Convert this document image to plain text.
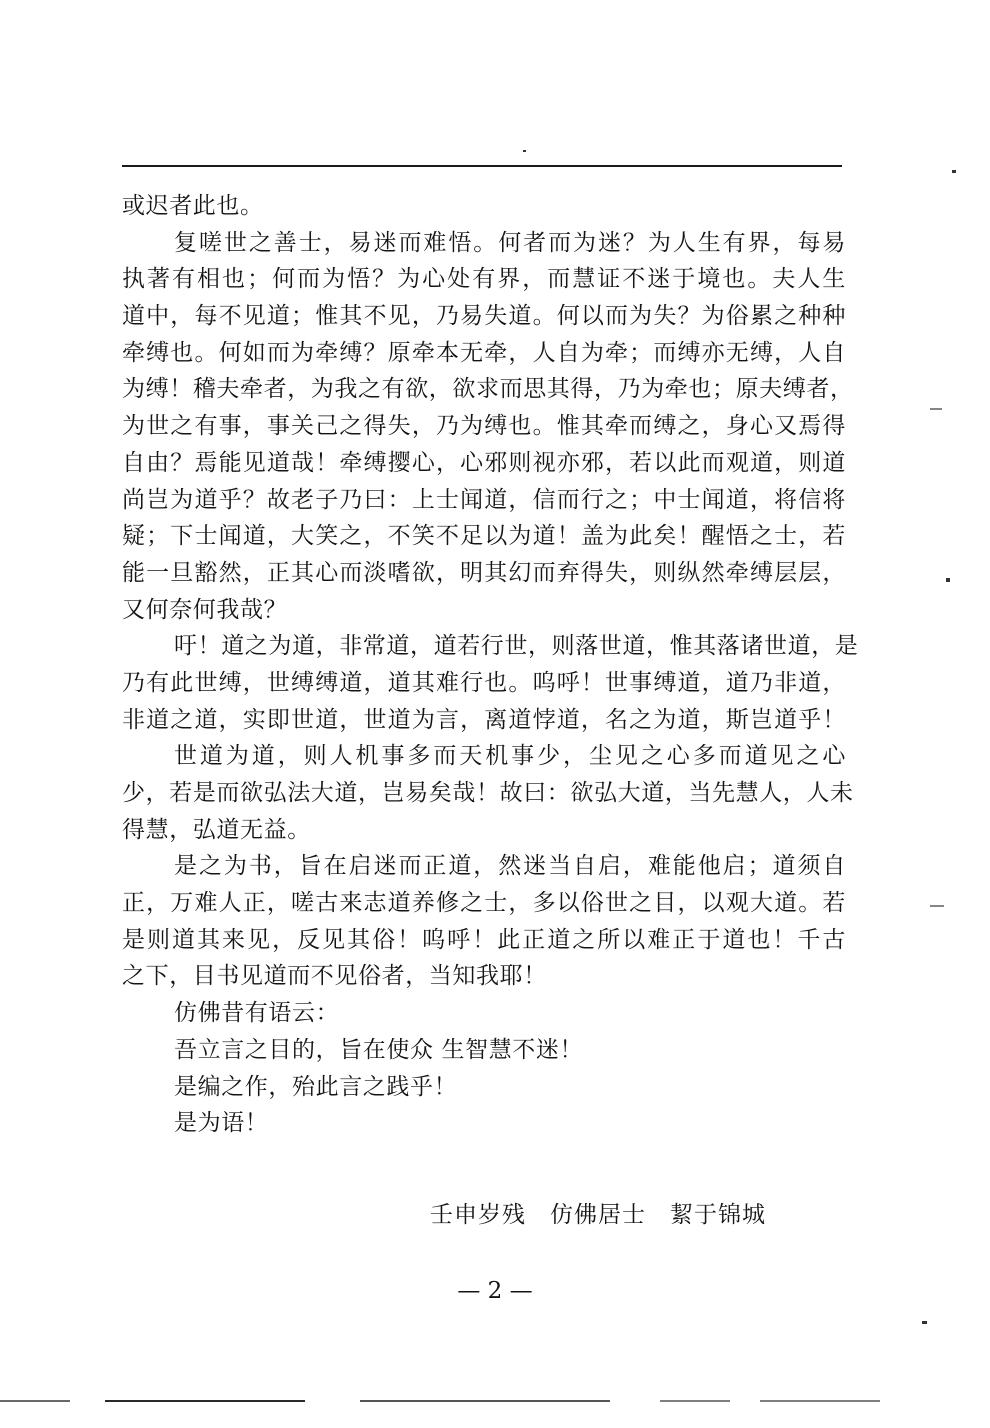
或迟者此也。
复嗟世之善士，易迷而难悟。何者而为迷？为人生有界，每易
执著有相也；何而为悟？为心处有界，而慧证不迷于境也。夫人生
道中，每不见道；惟其不见，乃易失道。何以而为失？为俗累之种种
牵缚也。何如而为牵缚？原牵本无牵，人自为牵；而缚亦无缚，人自
为缚！稽夫牵者，为我之有欲，欲求而思其得，乃为牵也；原夫缚者，
为世之有事，事关己之得失，乃为缚也。惟其牵而缚之，身心又焉得
自由？焉能见道哉！牵缚撄心，心邪则视亦邪，若以此而观道，则道
尚岂为道乎？故老子乃曰：上士闻道，信而行之；中士闻道，将信将
疑；下士闻道，大笑之，不笑不足以为道！盖为此矣！醒悟之士，若
能一旦豁然，正其心而淡嗜欲，明其幻而弃得失，则纵然牵缚层层，
又何奈何我哉？
吁！道之为道，非常道，道若行世，则落世道，惟其落诸世道，是
乃有此世缚，世缚缚道，道其难行也。呜呼！世事缚道，道乃非道，
非道之道，实即世道，世道为言，离道悖道，名之为道，斯岂道乎！
世道为道，则人机事多而天机事少，尘见之心多而道见之心
少，若是而欲弘法大道，岂易矣哉！故曰：欲弘大道，当先慧人，人未
得慧，弘道无益。
是之为书，旨在启迷而正道，然迷当自启，难能他启；道须自
正，万难人正，嗟古来志道养修之士，多以俗世之目，以观大道。若
是则道其来见，反见其俗！呜呼！此正道之所以难正于道也！千古
之下，目书见道而不见俗者，当知我耶！
仿佛昔有语云：
吾立言之目的，旨在使众 生智慧不迷！
是编之作，殆此言之践乎！
是为语！
壬申岁残　仿佛居士　絜于锦城
— 2 —
